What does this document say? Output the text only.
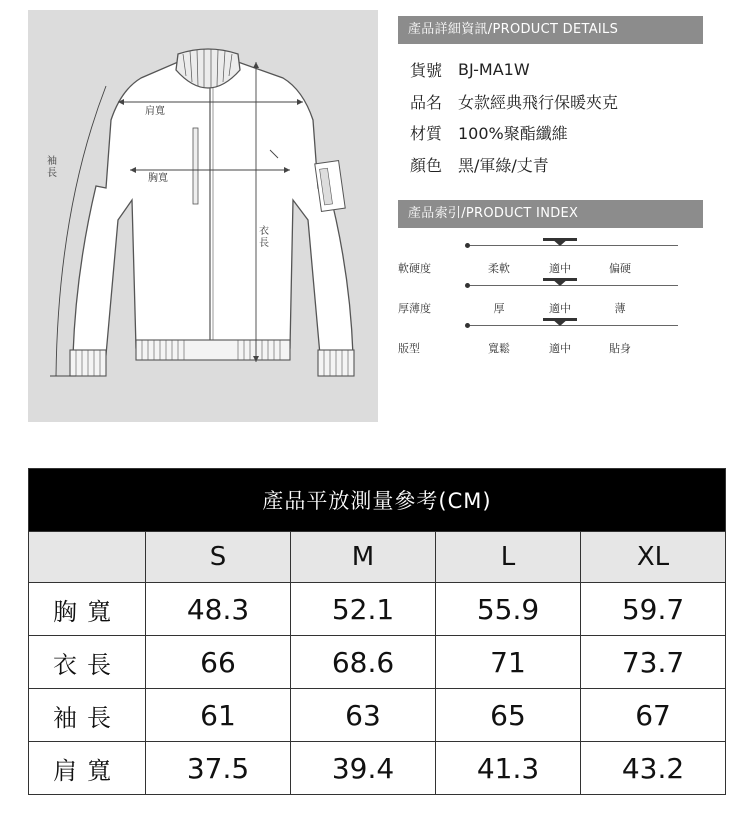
肩寬
胸寬
袖長
衣長
產品詳細資訊/PRODUCT DETAILS
貨號 BJ-MA1W
品名 女款經典飛行保暖夾克
材質 100%聚酯纖維
顏色 黑/軍綠/丈青
產品索引/PRODUCT INDEX
軟硬度	柔軟	適中	偏硬
厚薄度	厚	適中	薄
版型	寬鬆	適中	貼身
產品平放測量參考(CM)				
	S	M	L	XL
胸寬	48.3	52.1	55.9	59.7
衣長	66	68.6	71	73.7
袖長	61	63	65	67
肩寬	37.5	39.4	41.3	43.2
